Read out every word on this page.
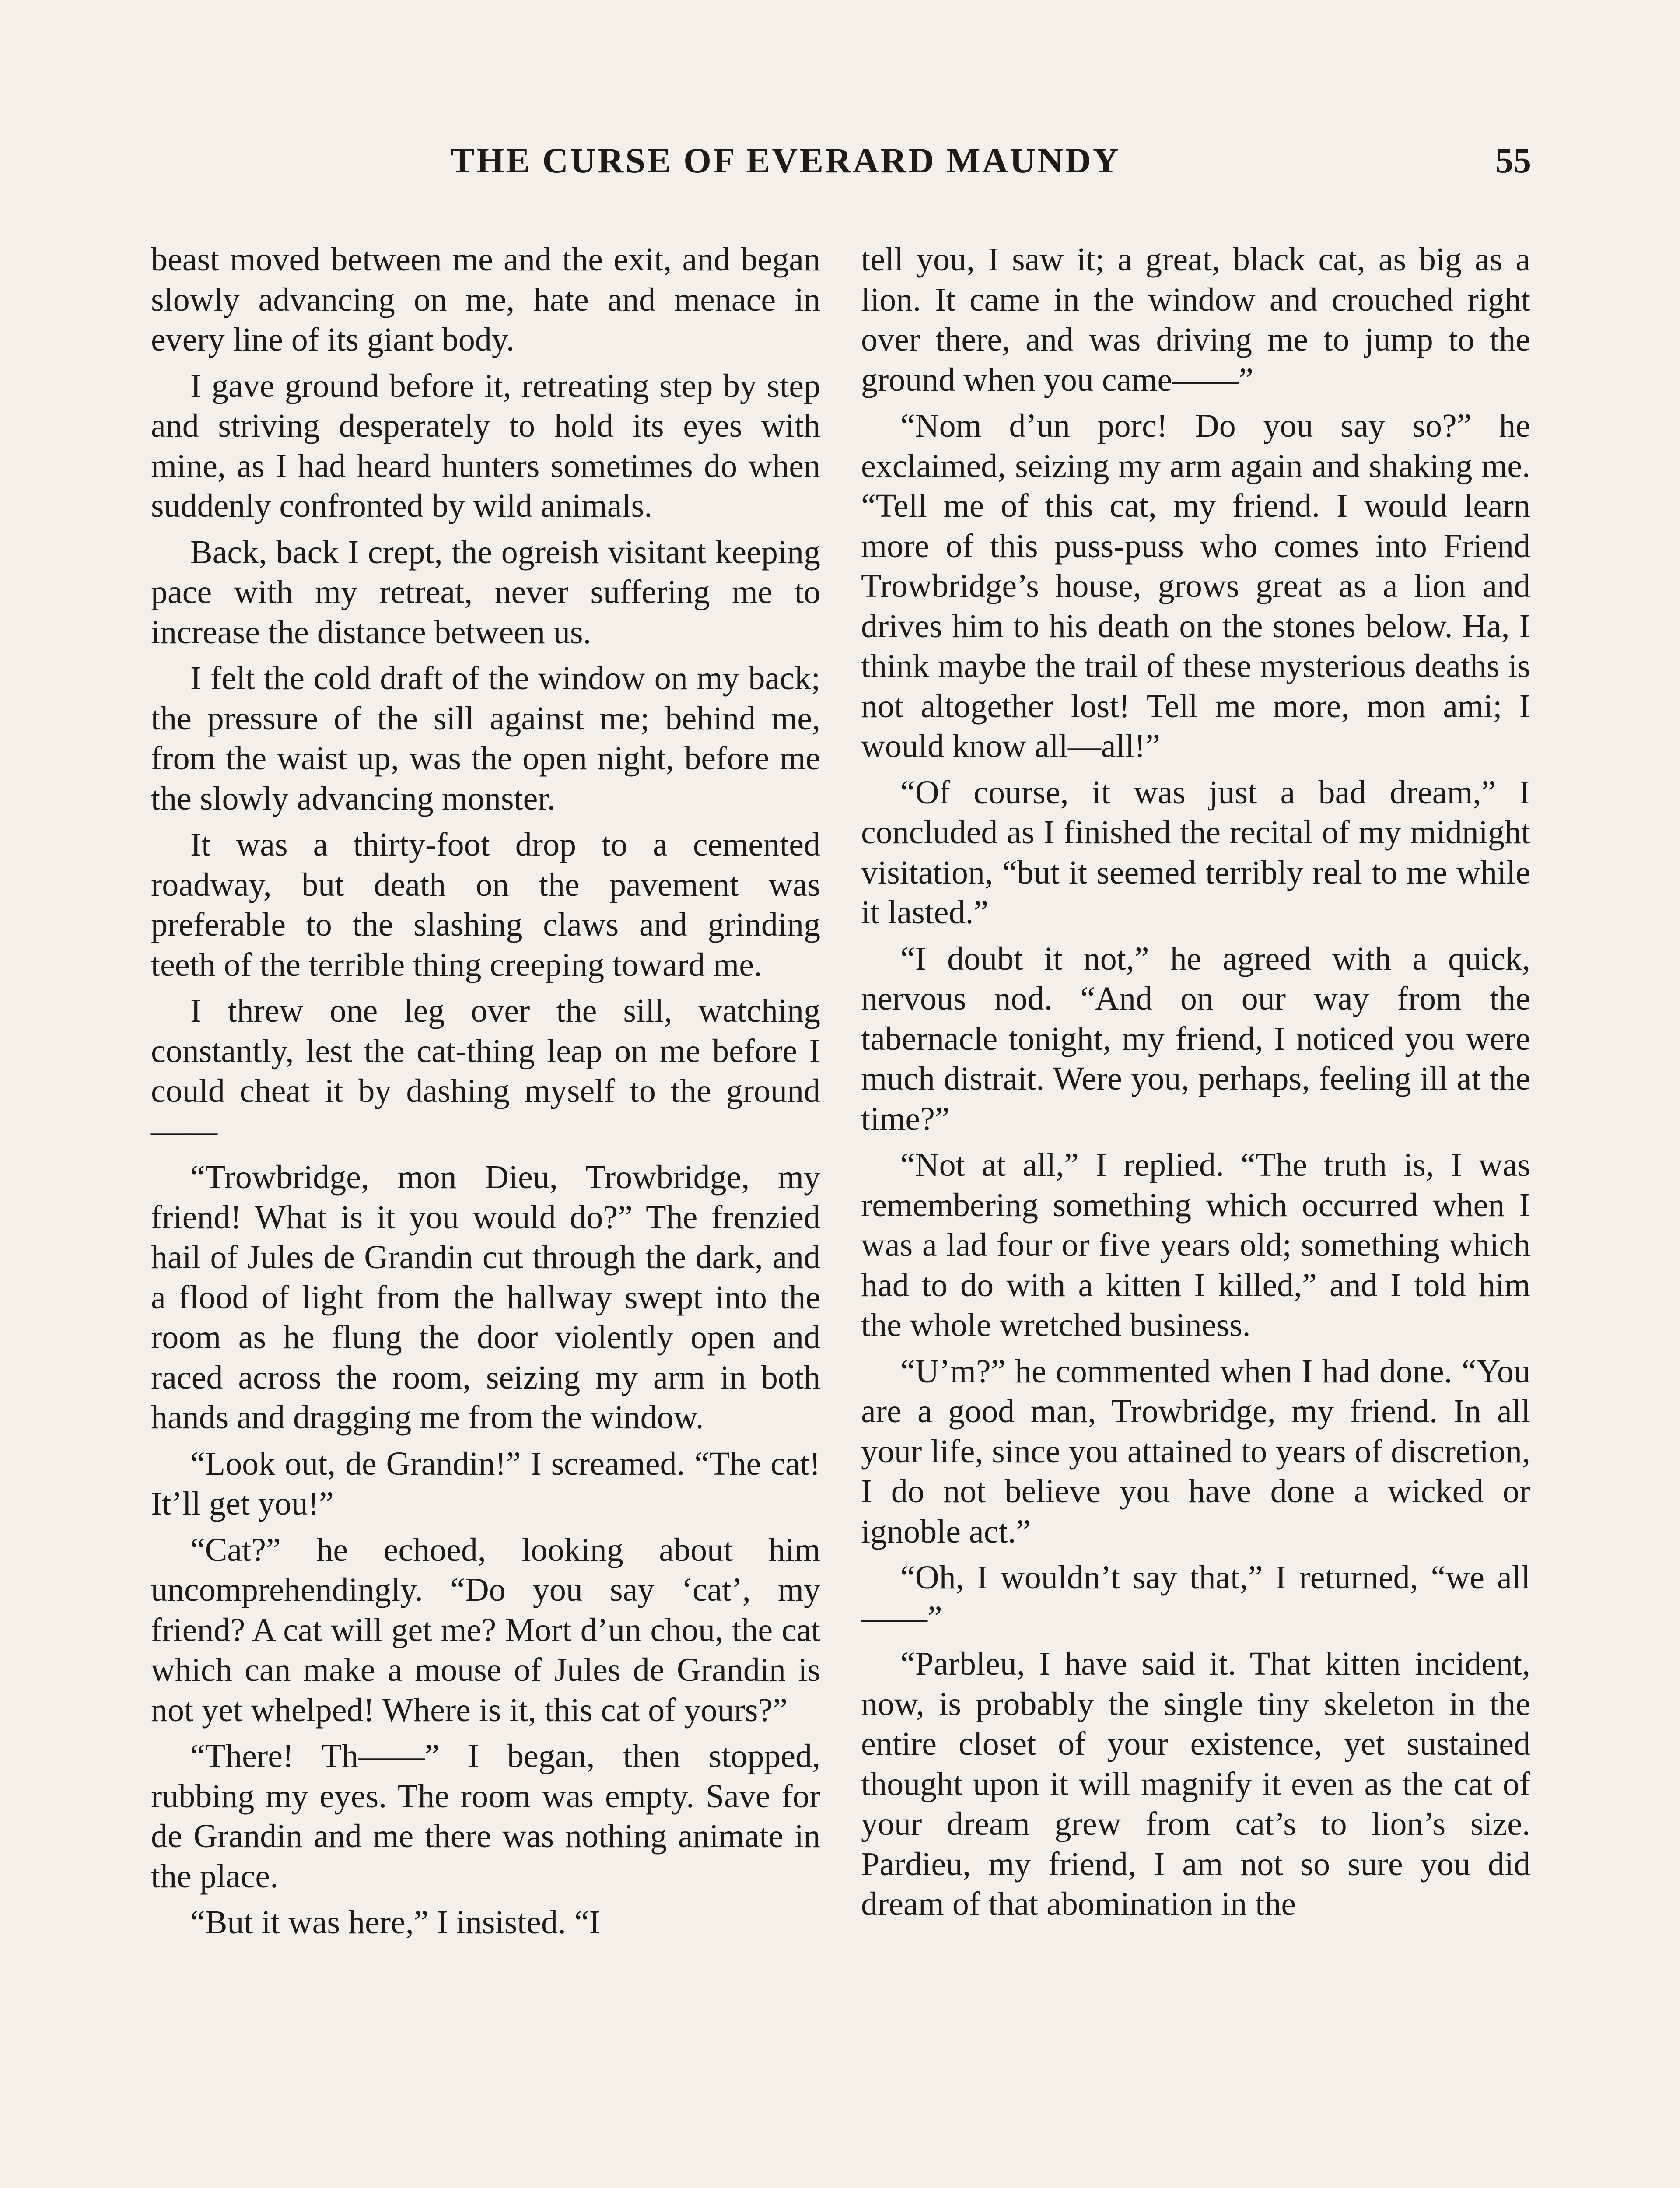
THE CURSE OF EVERARD MAUNDY	55

beast moved between me and the exit, and began slowly advancing on me, hate and menace in every line of its giant body.

I gave ground before it, retreating step by step and striving desperately to hold its eyes with mine, as I had heard hunters sometimes do when suddenly confronted by wild animals.

Back, back I crept, the ogreish visitant keeping pace with my retreat, never suffering me to increase the distance between us.

I felt the cold draft of the window on my back; the pressure of the sill against me; behind me, from the waist up, was the open night, before me the slowly advancing monster.

It was a thirty-foot drop to a cemented roadway, but death on the pavement was preferable to the slashing claws and grinding teeth of the terrible thing creeping toward me.

I threw one leg over the sill, watching constantly, lest the cat-thing leap on me before I could cheat it by dashing myself to the ground——

“Trowbridge, mon Dieu, Trowbridge, my friend! What is it you would do?” The frenzied hail of Jules de Grandin cut through the dark, and a flood of light from the hallway swept into the room as he flung the door violently open and raced across the room, seizing my arm in both hands and dragging me from the window.

“Look out, de Grandin!” I screamed. “The cat! It’ll get you!”

“Cat?” he echoed, looking about him uncomprehendingly. “Do you say ‘cat’, my friend? A cat will get me? Mort d’un chou, the cat which can make a mouse of Jules de Grandin is not yet whelped! Where is it, this cat of yours?”

“There! Th——” I began, then stopped, rubbing my eyes. The room was empty. Save for de Grandin and me there was nothing animate in the place.

“But it was here,” I insisted. “I

tell you, I saw it; a great, black cat, as big as a lion. It came in the window and crouched right over there, and was driving me to jump to the ground when you came——”

“Nom d’un porc! Do you say so?” he exclaimed, seizing my arm again and shaking me. “Tell me of this cat, my friend. I would learn more of this puss-puss who comes into Friend Trowbridge’s house, grows great as a lion and drives him to his death on the stones below. Ha, I think maybe the trail of these mysterious deaths is not altogether lost! Tell me more, mon ami; I would know all—all!”

“Of course, it was just a bad dream,” I concluded as I finished the recital of my midnight visitation, “but it seemed terribly real to me while it lasted.”

“I doubt it not,” he agreed with a quick, nervous nod. “And on our way from the tabernacle tonight, my friend, I noticed you were much distrait. Were you, perhaps, feeling ill at the time?”

“Not at all,” I replied. “The truth is, I was remembering something which occurred when I was a lad four or five years old; something which had to do with a kitten I killed,” and I told him the whole wretched business.

“U’m?” he commented when I had done. “You are a good man, Trowbridge, my friend. In all your life, since you attained to years of discretion, I do not believe you have done a wicked or ignoble act.”

“Oh, I wouldn’t say that,” I returned, “we all——”

“Parbleu, I have said it. That kitten incident, now, is probably the single tiny skeleton in the entire closet of your existence, yet sustained thought upon it will magnify it even as the cat of your dream grew from cat’s to lion’s size. Pardieu, my friend, I am not so sure you did dream of that abomination in the
